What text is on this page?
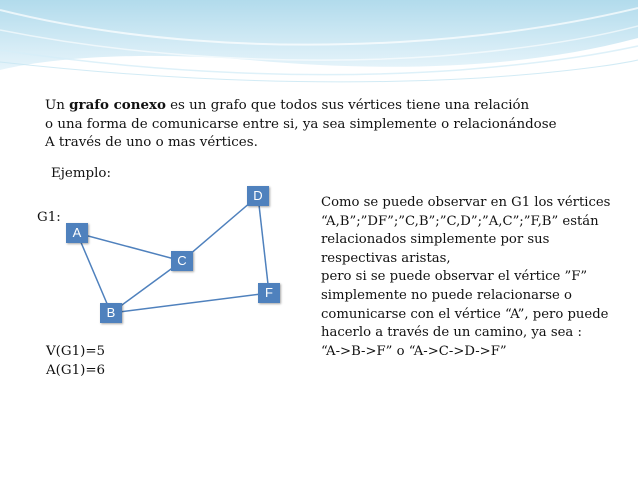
Un grafo conexo es un grafo que todos sus vértices tiene una relación
o una forma de comunicarse entre si, ya sea simplemente o relacionándose
A través de uno o mas vértices.
Ejemplo:
G1:
V(G1)=5
A(G1)=6
Como se puede observar en G1 los vértices
“A,B”;”DF”;”C,B”;”C,D”;”A,C”;”F,B” están
relacionados simplemente por sus
respectivas aristas,
pero si se puede observar el vértice ”F”
simplemente no puede relacionarse o
comunicarse con el vértice “A”, pero puede
hacerlo a través de un camino, ya sea :
“A->B->F” o “A->C->D->F”
A
B
C
D
F
